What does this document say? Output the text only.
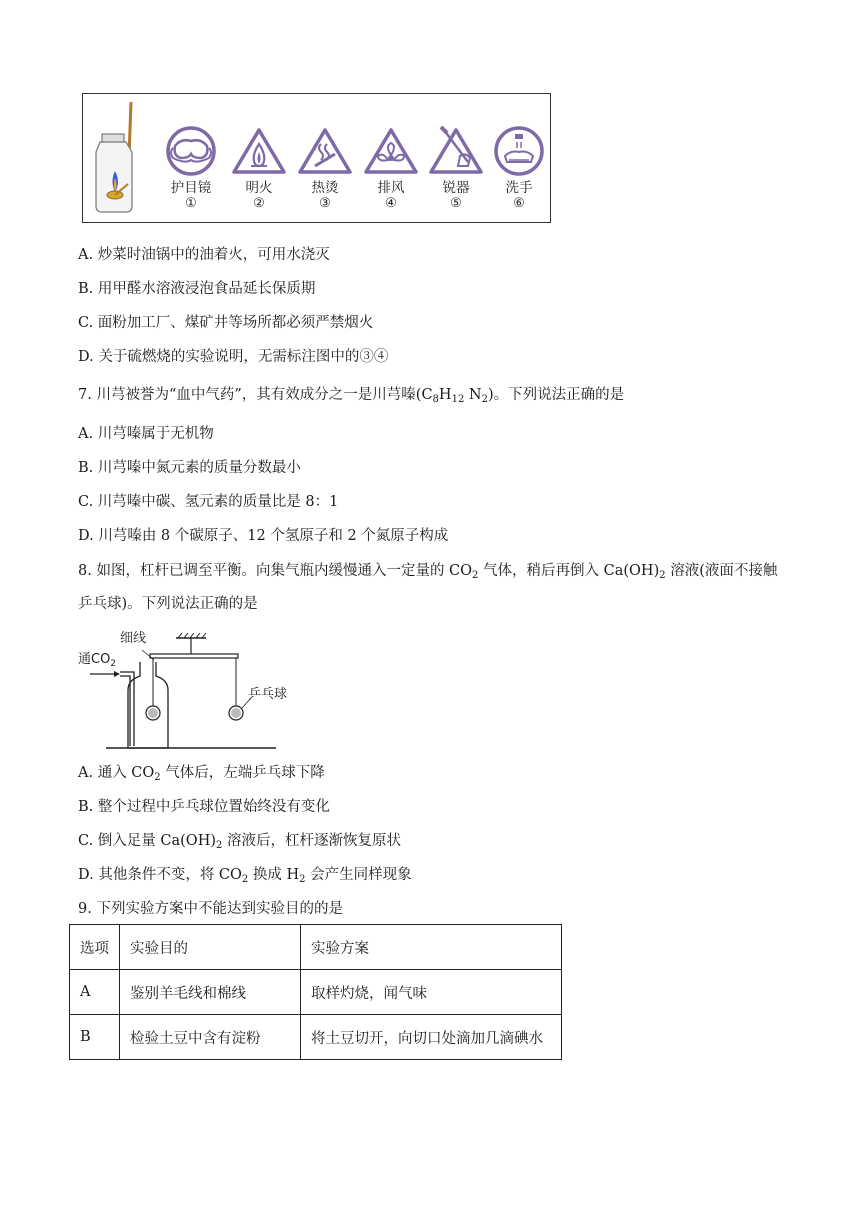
护目镜
①
明火
②
热烫
③
排风
④
锐器
⑤
洗手
⑥
A. 炒菜时油锅中的油着火，可用水浇灭
B. 用甲醛水溶液浸泡食品延长保质期
C. 面粉加工厂、煤矿井等场所都必须严禁烟火
D. 关于硫燃烧的实验说明，无需标注图中的③④
7. 川芎被誉为“血中气药”，其有效成分之一是川芎嗪($C_8H_{12}$ $N_2$)。下列说法正确的是
A. 川芎嗪属于无机物
B. 川芎嗪中氮元素的质量分数最小
C. 川芎嗪中碳、氢元素的质量比是 8：1
D. 川芎嗪由 8 个碳原子、12 个氢原子和 2 个氮原子构成
8. 如图，杠杆已调至平衡。向集气瓶内缓慢通入一定量的 $CO_2$ 气体，稍后再倒入 $Ca(OH)_2$ 溶液(液面不接触
乒乓球)。下列说法正确的是
细线
通$CO_2$
乒乓球
A. 通入 $CO_2$ 气体后，左端乒乓球下降
B. 整个过程中乒乓球位置始终没有变化
C. 倒入足量 $Ca(OH)_2$ 溶液后，杠杆逐渐恢复原状
D. 其他条件不变，将 $CO_2$ 换成 $H_2$ 会产生同样现象
9. 下列实验方案中不能达到实验目的的是
选项	实验目的	实验方案
A	鉴别羊毛线和棉线	取样灼烧，闻气味
B	检验土豆中含有淀粉	将土豆切开，向切口处滴加几滴碘水
